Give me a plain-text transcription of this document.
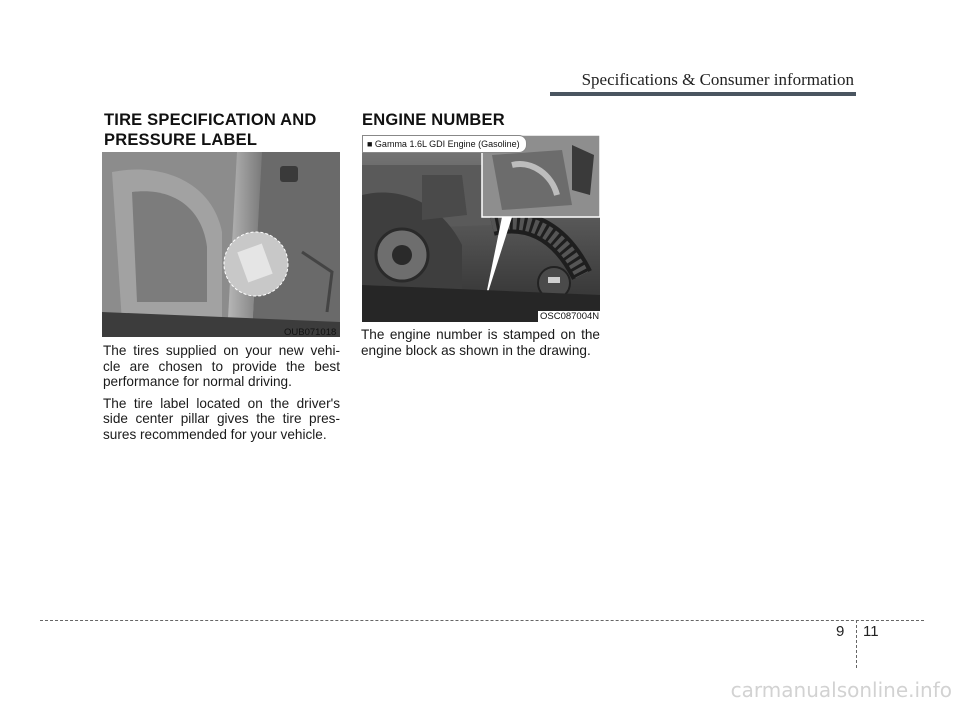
Specifications & Consumer information
TIRE SPECIFICATION AND
PRESSURE LABEL
OUB071018

The tires supplied on your new vehi- cle are chosen to provide the best performance for normal driving.

The tire label located on the driver's side center pillar gives the tire pres- sures recommended for your vehicle.

ENGINE NUMBER
■ Gamma 1.6L GDI Engine (Gasoline)
OSC087004N

The engine number is stamped on the engine block as shown in the drawing.

9 11
carmanualsonline.info
